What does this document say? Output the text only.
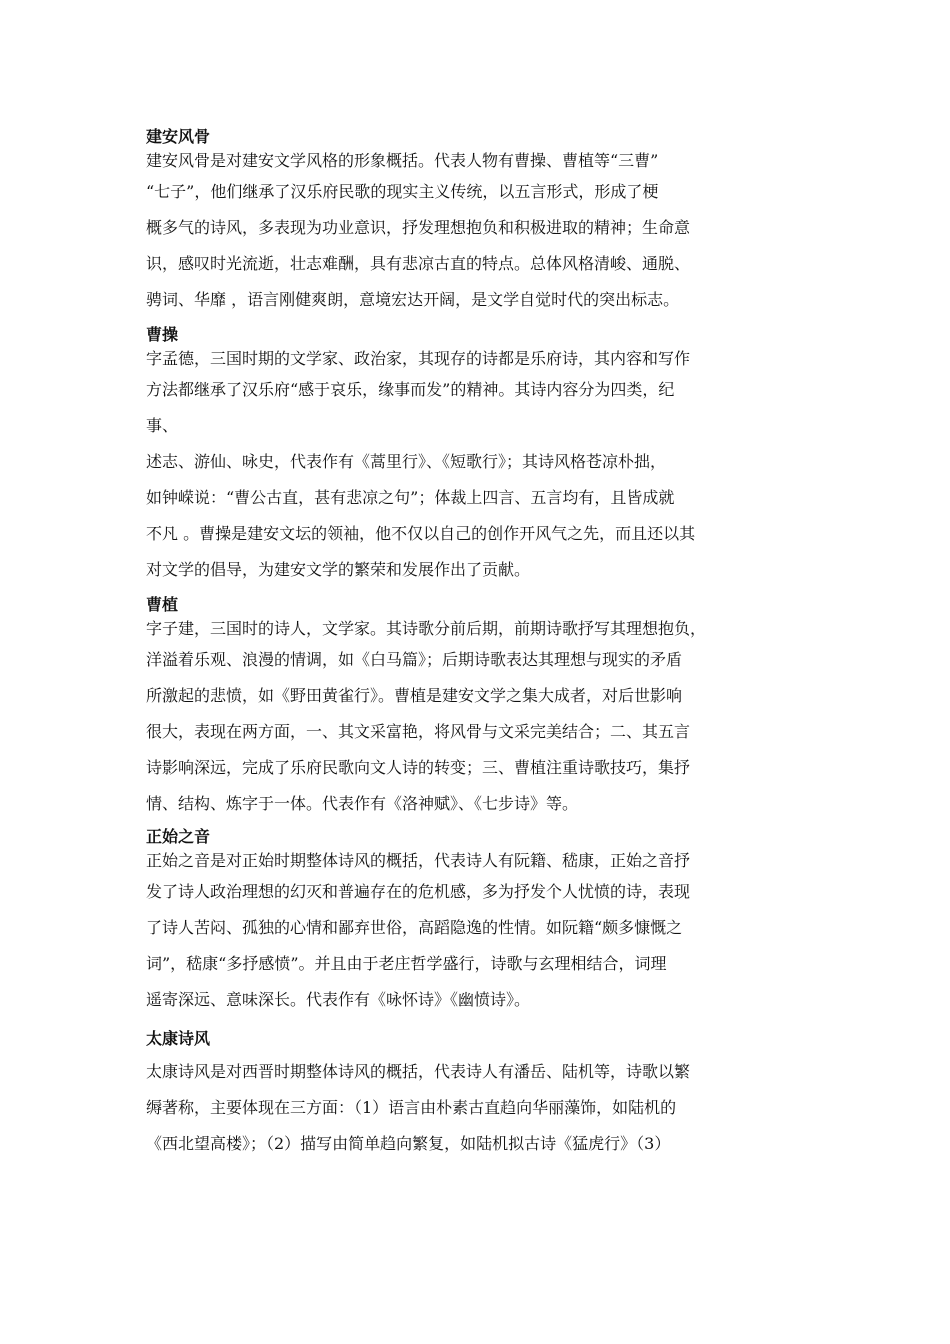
建安风骨

建安风骨是对建安文学风格的形象概括。代表人物有曹操、曹植等“三曹”

“七子”，他们继承了汉乐府民歌的现实主义传统，以五言形式，形成了梗

概多气的诗风，多表现为功业意识，抒发理想抱负和积极进取的精神；生命意

识，感叹时光流逝，壮志难酬，具有悲凉古直的特点。总体风格清峻、通脱、

骋词、华靡 ，语言刚健爽朗，意境宏达开阔，是文学自觉时代的突出标志。

曹操

字孟德，三国时期的文学家、政治家，其现存的诗都是乐府诗，其内容和写作

方法都继承了汉乐府“感于哀乐，缘事而发”的精神。其诗内容分为四类，纪

事、

述志、游仙、咏史，代表作有《蒿里行》、《短歌行》；其诗风格苍凉朴拙，

如钟嵘说：“曹公古直，甚有悲凉之句”；体裁上四言、五言均有，且皆成就

不凡 。曹操是建安文坛的领袖，他不仅以自己的创作开风气之先，而且还以其

对文学的倡导，为建安文学的繁荣和发展作出了贡献。

曹植

字子建，三国时的诗人，文学家。其诗歌分前后期，前期诗歌抒写其理想抱负，

洋溢着乐观、浪漫的情调，如《白马篇》；后期诗歌表达其理想与现实的矛盾

所激起的悲愤，如《野田黄雀行》。曹植是建安文学之集大成者，对后世影响

很大，表现在两方面，一、其文采富艳，将风骨与文采完美结合；二、其五言

诗影响深远，完成了乐府民歌向文人诗的转变；三、曹植注重诗歌技巧，集抒

情、结构、炼字于一体。代表作有《洛神赋》、《七步诗》等。

正始之音

正始之音是对正始时期整体诗风的概括，代表诗人有阮籍、嵇康，正始之音抒

发了诗人政治理想的幻灭和普遍存在的危机感，多为抒发个人忧愤的诗，表现

了诗人苦闷、孤独的心情和鄙弃世俗，高蹈隐逸的性情。如阮籍“颇多慷慨之

词”，嵇康“多抒感愤”。并且由于老庄哲学盛行，诗歌与玄理相结合，词理

遥寄深远、意味深长。代表作有《咏怀诗》《幽愤诗》。

太康诗风

太康诗风是对西晋时期整体诗风的概括，代表诗人有潘岳、陆机等，诗歌以繁

缛著称，主要体现在三方面：（1）语言由朴素古直趋向华丽藻饰，如陆机的

《西北望高楼》；（2）描写由简单趋向繁复，如陆机拟古诗《猛虎行》（3）
